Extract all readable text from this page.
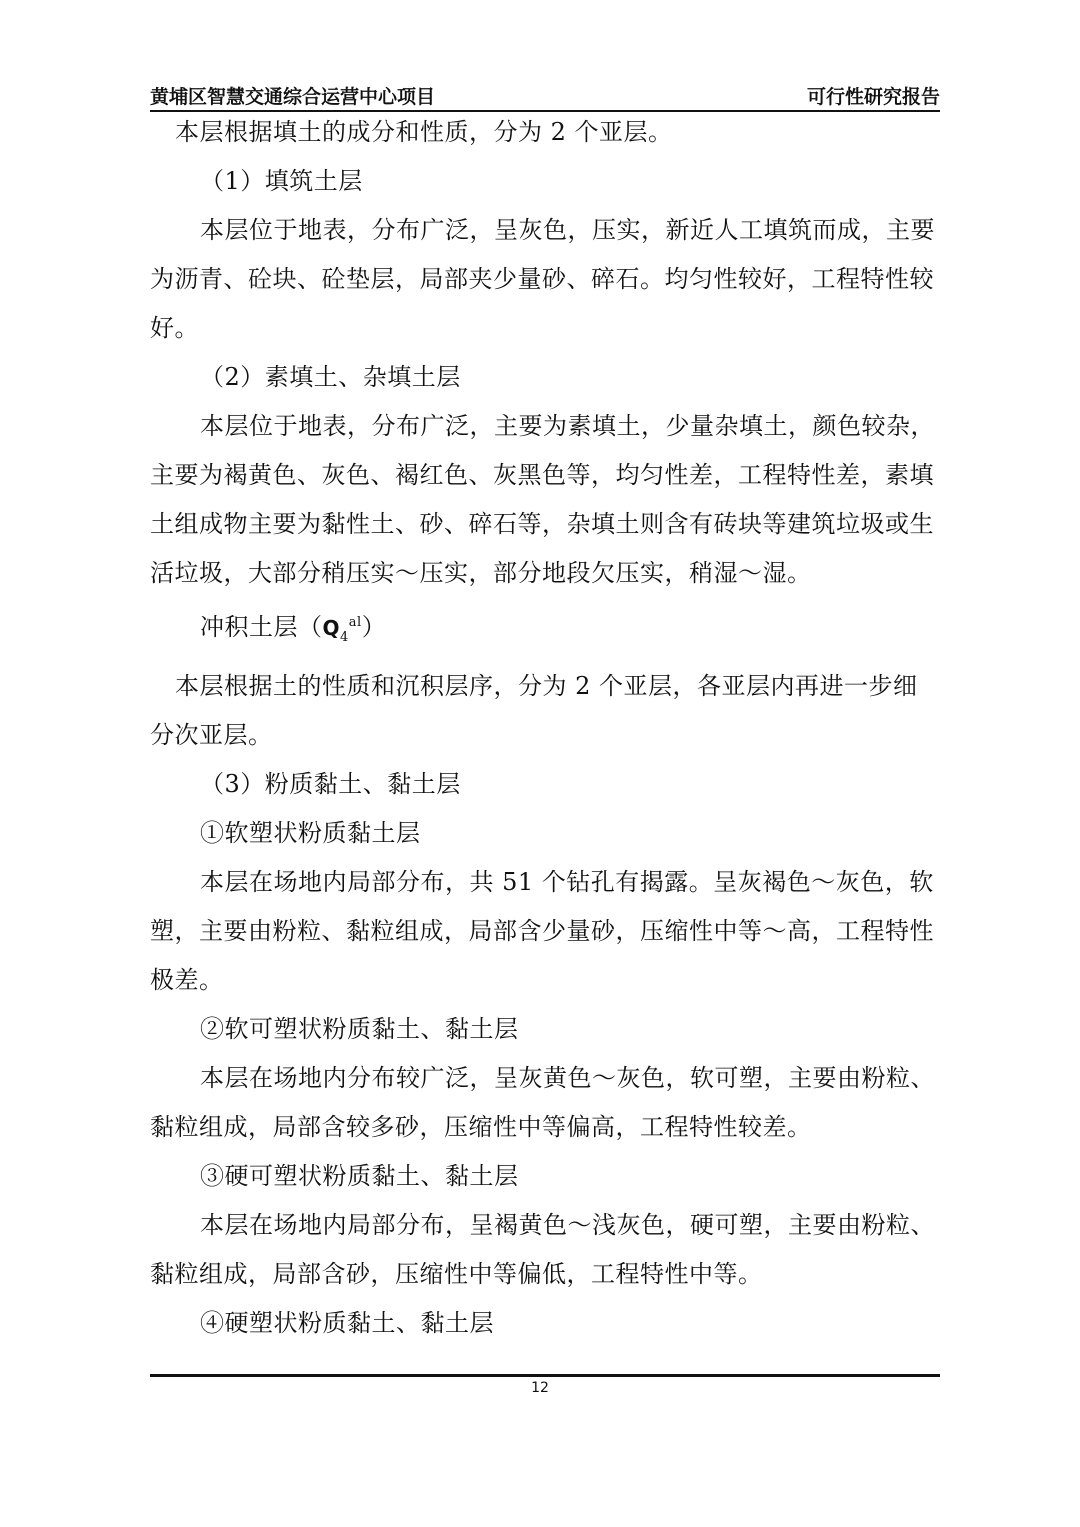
黄埔区智慧交通综合运营中心项目	可行性研究报告

本层根据填土的成分和性质，分为 2 个亚层。

（1）填筑土层

本层位于地表，分布广泛，呈灰色，压实，新近人工填筑而成，主要为沥青、砼块、砼垫层，局部夹少量砂、碎石。均匀性较好，工程特性较好。

（2）素填土、杂填土层

本层位于地表，分布广泛，主要为素填土，少量杂填土，颜色较杂，主要为褐黄色、灰色、褐红色、灰黑色等，均匀性差，工程特性差，素填土组成物主要为黏性土、砂、碎石等，杂填土则含有砖块等建筑垃圾或生活垃圾，大部分稍压实～压实，部分地段欠压实，稍湿～湿。

冲积土层$(Q_4^{al})$

本层根据土的性质和沉积层序，分为 2 个亚层，各亚层内再进一步细分次亚层。

（3）粉质黏土、黏土层

①软塑状粉质黏土层

本层在场地内局部分布，共 51 个钻孔有揭露。呈灰褐色～灰色，软塑，主要由粉粒、黏粒组成，局部含少量砂，压缩性中等～高，工程特性极差。

②软可塑状粉质黏土、黏土层

本层在场地内分布较广泛，呈灰黄色～灰色，软可塑，主要由粉粒、黏粒组成，局部含较多砂，压缩性中等偏高，工程特性较差。

③硬可塑状粉质黏土、黏土层

本层在场地内局部分布，呈褐黄色～浅灰色，硬可塑，主要由粉粒、黏粒组成，局部含砂，压缩性中等偏低，工程特性中等。

④硬塑状粉质黏土、黏土层

12
